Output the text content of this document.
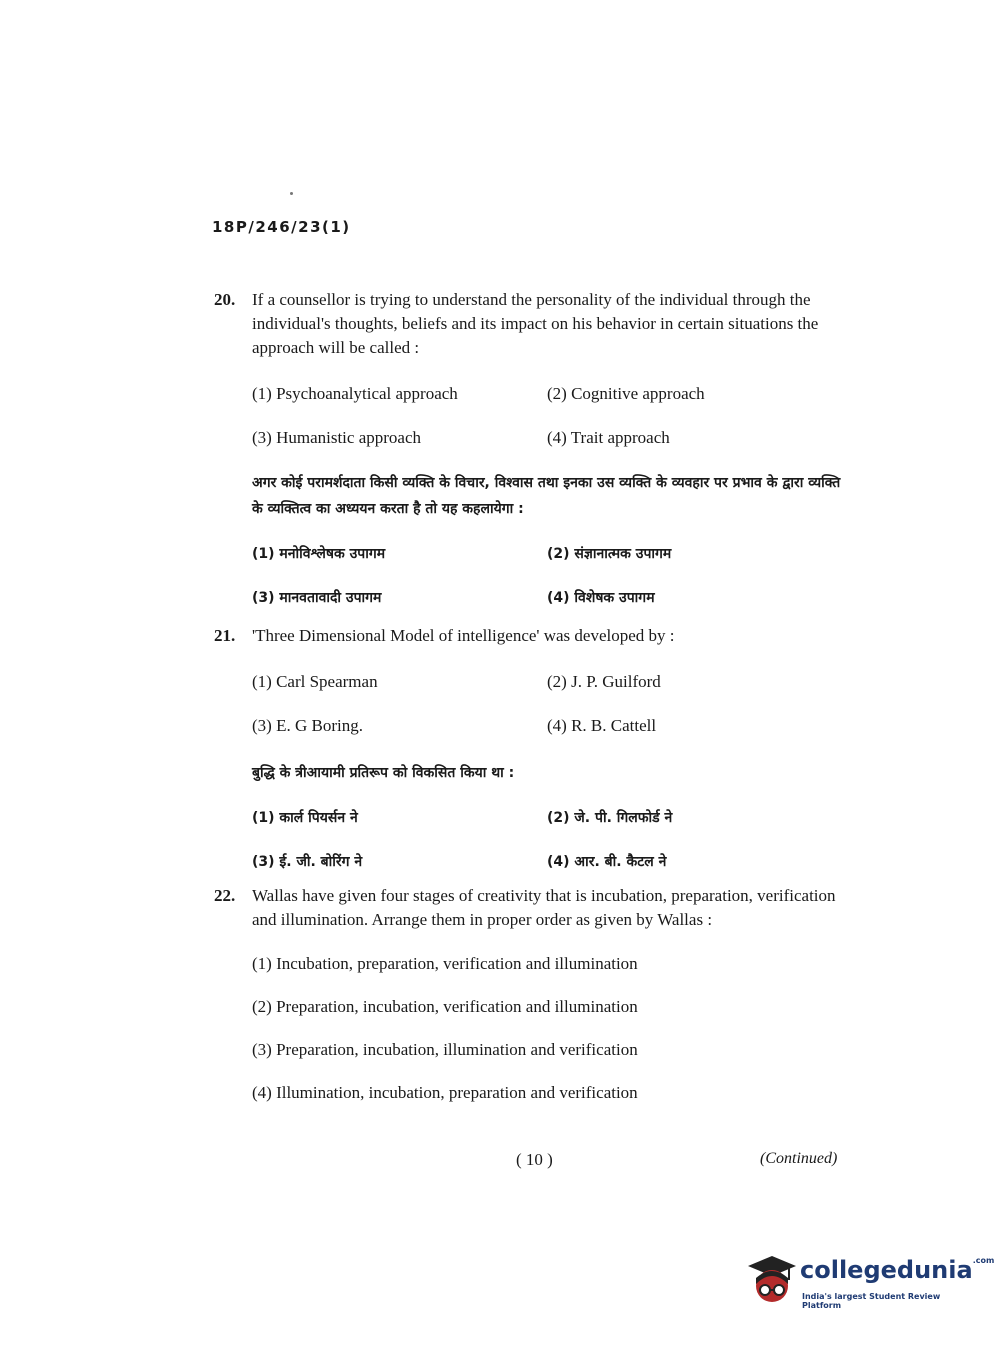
18P/246/23(1)
20. If a counsellor is trying to understand the personality of the individual through the individual's thoughts, beliefs and its impact on his behavior in certain situations the approach will be called :
(1) Psychoanalytical approach	(2) Cognitive approach
(3) Humanistic approach	(4) Trait approach
अगर कोई परामर्शदाता किसी व्यक्ति के विचार, विश्वास तथा इनका उस व्यक्ति के व्यवहार पर प्रभाव के द्वारा व्यक्ति के व्यक्तित्व का अध्ययन करता है तो यह कहलायेगा :
(1) मनोविश्लेषक उपागम	(2) संज्ञानात्मक उपागम
(3) मानवतावादी उपागम	(4) विशेषक उपागम
21. 'Three Dimensional Model of intelligence' was developed by :
(1) Carl Spearman	(2) J. P. Guilford
(3) E. G Boring.	(4) R. B. Cattell
बुद्धि के त्रीआयामी प्रतिरूप को विकसित किया था :
(1) कार्ल पियर्सन ने	(2) जे. पी. गिलफोर्ड ने
(3) ई. जी. बोरिंग ने	(4) आर. बी. कैटल ने
22. Wallas have given four stages of creativity that is incubation, preparation, verification and illumination. Arrange them in proper order as given by Wallas :
(1) Incubation, preparation, verification and illumination
(2) Preparation, incubation, verification and illumination
(3) Preparation, incubation, illumination and verification
(4) Illumination, incubation, preparation and verification
( 10 )	(Continued)
collegedunia$^{.com}$
India's largest Student Review Platform
